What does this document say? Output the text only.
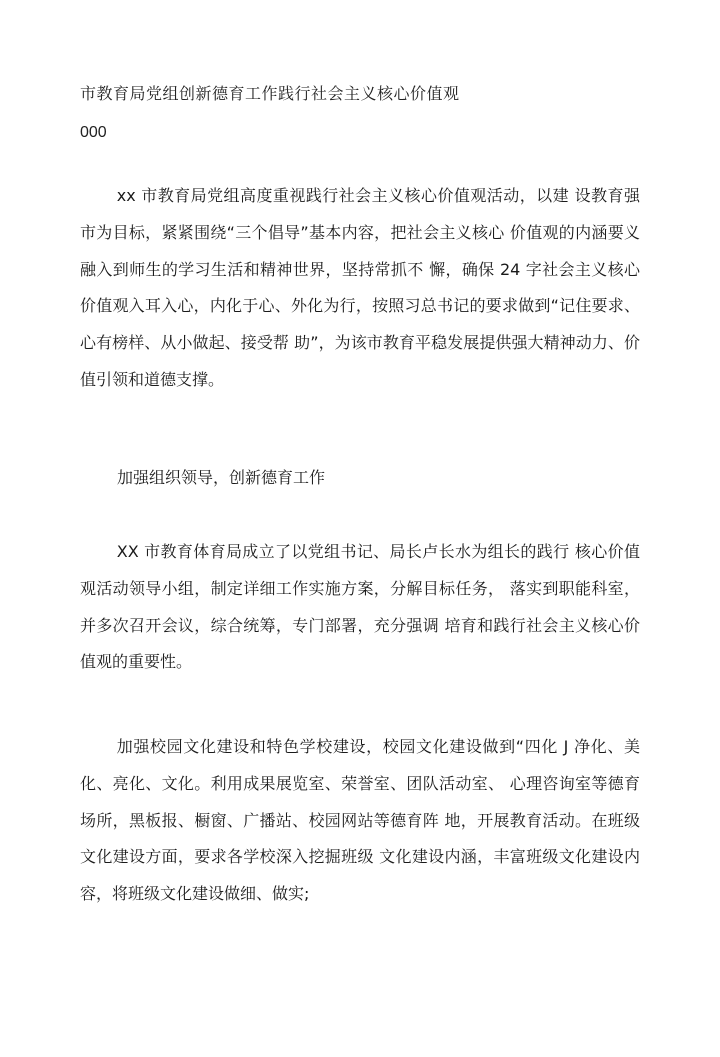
市教育局党组创新德育工作践行社会主义核心价值观
000

xx 市教育局党组高度重视践行社会主义核心价值观活动，以建 设教育强市为目标，紧紧围绕“三个倡导”基本内容，把社会主义核心 价值观的内涵要义融入到师生的学习生活和精神世界，坚持常抓不 懈，确保 24 字社会主义核心价值观入耳入心，内化于心、外化为行，按照习总书记的要求做到“记住要求、心有榜样、从小做起、接受帮 助”，为该市教育平稳发展提供强大精神动力、价值引领和道德支撑。

加强组织领导，创新德育工作

XX 市教育体育局成立了以党组书记、局长卢长水为组长的践行 核心价值观活动领导小组，制定详细工作实施方案，分解目标任务， 落实到职能科室，并多次召开会议，综合统筹，专门部署，充分强调 培育和践行社会主义核心价值观的重要性。

加强校园文化建设和特色学校建设，校园文化建设做到“四化 J 净化、美化、亮化、文化。利用成果展览室、荣誉室、团队活动室、 心理咨询室等德育场所，黑板报、橱窗、广播站、校园网站等德育阵 地，开展教育活动。在班级文化建设方面，要求各学校深入挖掘班级 文化建设内涵，丰富班级文化建设内容，将班级文化建设做细、做实;
